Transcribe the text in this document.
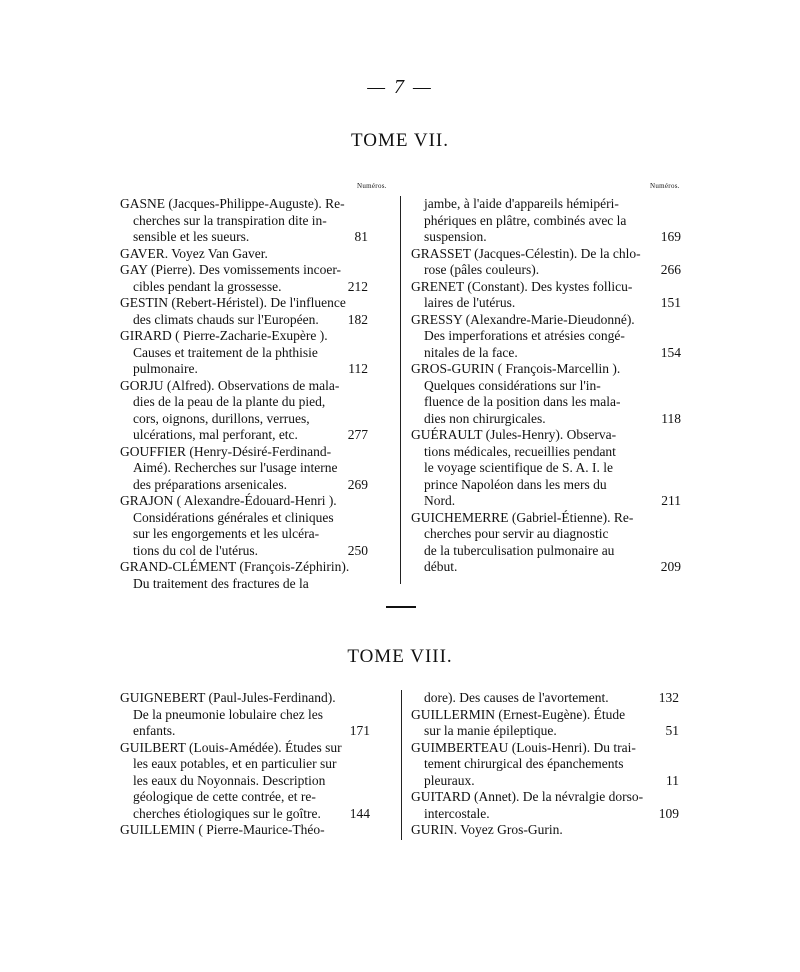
— 7 —
TOME VII.
Numéros.	Numéros.
GASNE (Jacques-Philippe-Auguste). Re-
cherches sur la transpiration dite in-
sensible et les sueurs.	81
GAVER. Voyez Van Gaver.
GAY (Pierre). Des vomissements incoer-
cibles pendant la grossesse.	212
GESTIN (Rebert-Héristel). De l'influence
des climats chauds sur l'Européen. 182
GIRARD ( Pierre-Zacharie-Exupère ).
Causes et traitement de la phthisie
pulmonaire.	112
GORJU (Alfred). Observations de mala-
dies de la peau de la plante du pied,
cors, oignons, durillons, verrues,
ulcérations, mal perforant, etc.	277
GOUFFIER (Henry-Désiré-Ferdinand-
Aimé). Recherches sur l'usage interne
des préparations arsenicales.	269
GRAJON ( Alexandre-Édouard-Henri ).
Considérations générales et cliniques
sur les engorgements et les ulcéra-
tions du col de l'utérus.	250
GRAND-CLÉMENT (François-Zéphirin).
Du traitement des fractures de la
jambe, à l'aide d'appareils hémipéri-
phériques en plâtre, combinés avec la
suspension.	169
GRASSET (Jacques-Célestin). De la chlo-
rose (pâles couleurs).	266
GRENET (Constant). Des kystes follicu-
laires de l'utérus.	151
GRESSY (Alexandre-Marie-Dieudonné).
Des imperforations et atrésies congé-
nitales de la face.	154
GROS-GURIN ( François-Marcellin ).
Quelques considérations sur l'in-
fluence de la position dans les mala-
dies non chirurgicales.	118
GUÉRAULT (Jules-Henry). Observa-
tions médicales, recueillies pendant
le voyage scientifique de S. A. I. le
prince Napoléon dans les mers du
Nord.	211
GUICHEMERRE (Gabriel-Étienne). Re-
cherches pour servir au diagnostic
de la tuberculisation pulmonaire au
début.	209
TOME VIII.
GUIGNEBERT (Paul-Jules-Ferdinand).
De la pneumonie lobulaire chez les
enfants.	171
GUILBERT (Louis-Amédée). Études sur
les eaux potables, et en particulier sur
les eaux du Noyonnais. Description
géologique de cette contrée, et re-
cherches étiologiques sur le goître. 144
GUILLEMIN ( Pierre-Maurice-Théo-
dore). Des causes de l'avortement.	132
GUILLERMIN (Ernest-Eugène). Étude
sur la manie épileptique.	51
GUIMBERTEAU (Louis-Henri). Du trai-
tement chirurgical des épanchements
pleuraux.	11
GUITARD (Annet). De la névralgie dorso-
intercostale.	109
GURIN. Voyez Gros-Gurin.
